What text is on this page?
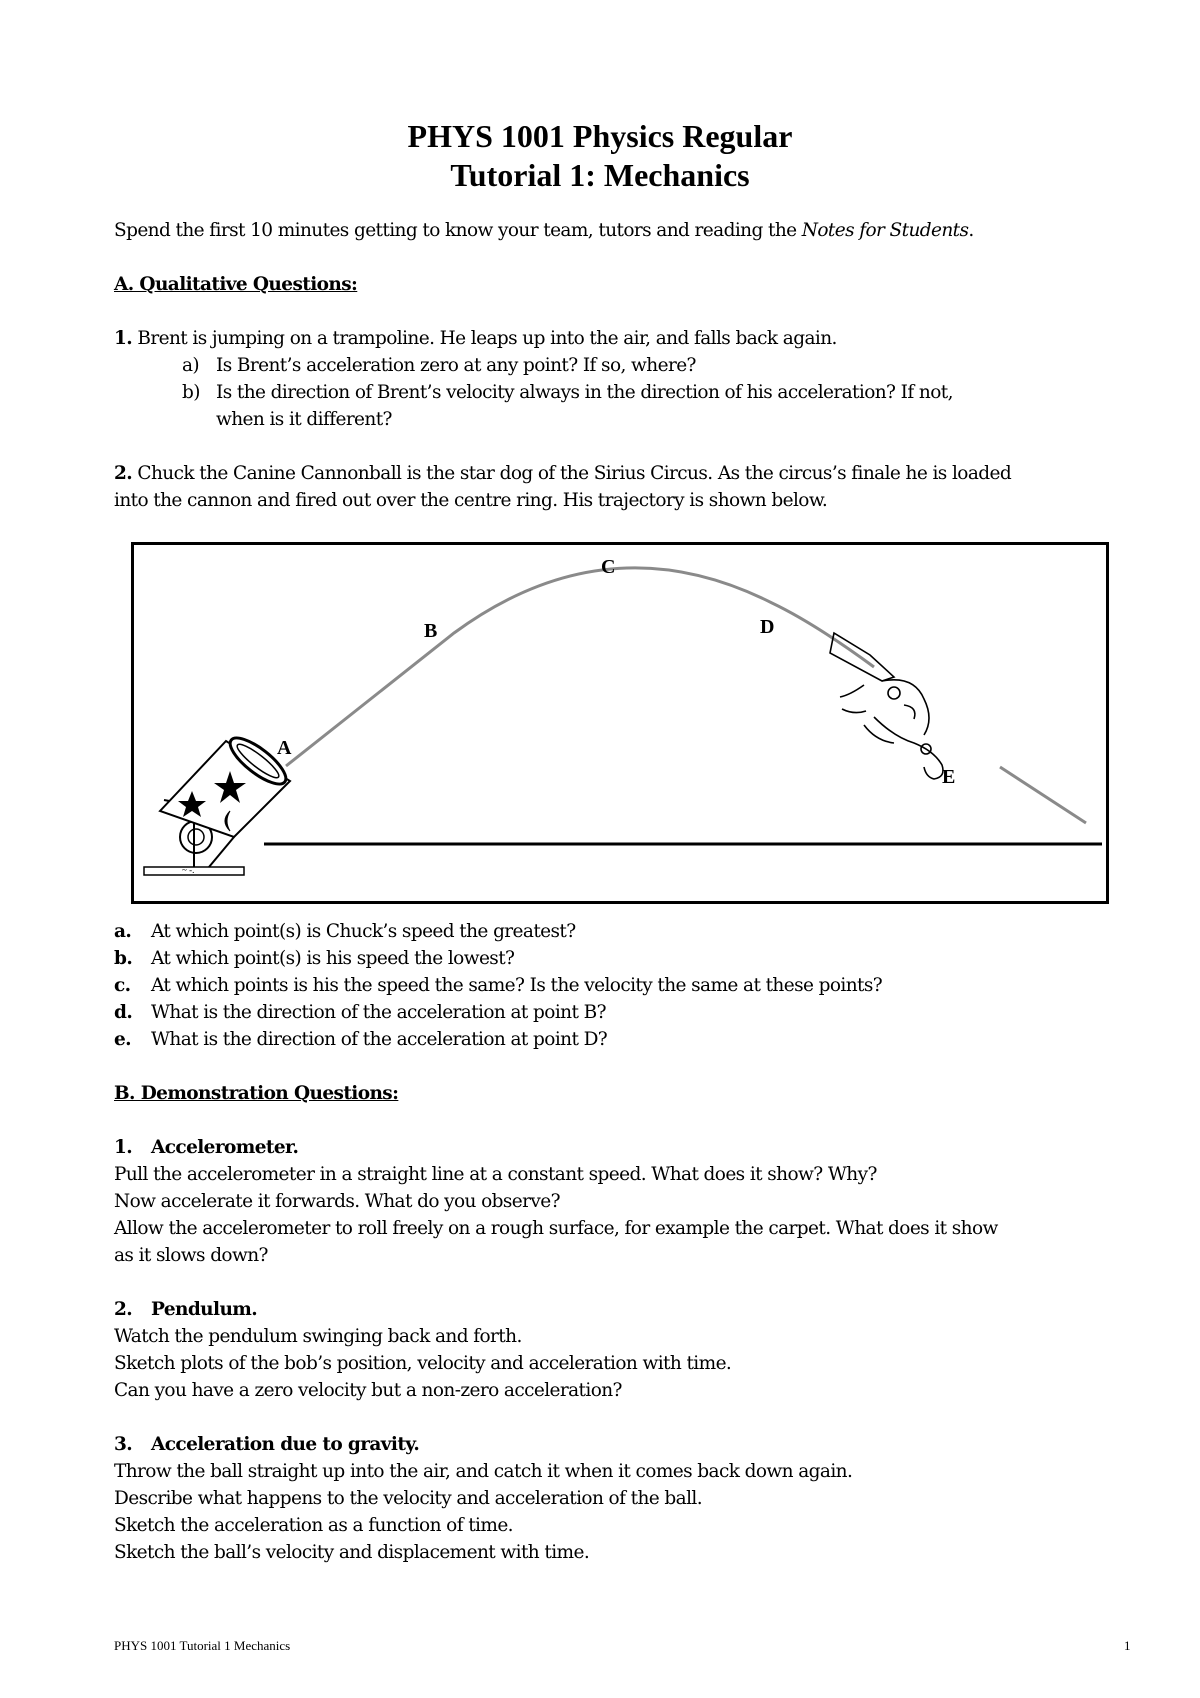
PHYS 1001 Physics Regular
Tutorial 1: Mechanics
Spend the first 10 minutes getting to know your team, tutors and reading the Notes for Students.
A. Qualitative Questions:
1. Brent is jumping on a trampoline. He leaps up into the air, and falls back again.
a) Is Brent’s acceleration zero at any point? If so, where?
b) Is the direction of Brent’s velocity always in the direction of his acceleration? If not,
when is it different?
2. Chuck the Canine Cannonball is the star dog of the Sirius Circus. As the circus’s finale he is loaded
into the cannon and fired out over the centre ring. His trajectory is shown below.
~ -.
A
B
C
D
E
a. At which point(s) is Chuck’s speed the greatest?
b. At which point(s) is his speed the lowest?
c. At which points is his the speed the same? Is the velocity the same at these points?
d. What is the direction of the acceleration at point B?
e. What is the direction of the acceleration at point D?
B. Demonstration Questions:
1. Accelerometer.
Pull the accelerometer in a straight line at a constant speed. What does it show? Why?
Now accelerate it forwards. What do you observe?
Allow the accelerometer to roll freely on a rough surface, for example the carpet. What does it show
as it slows down?
2. Pendulum.
Watch the pendulum swinging back and forth.
Sketch plots of the bob’s position, velocity and acceleration with time.
Can you have a zero velocity but a non-zero acceleration?
3. Acceleration due to gravity.
Throw the ball straight up into the air, and catch it when it comes back down again.
Describe what happens to the velocity and acceleration of the ball.
Sketch the acceleration as a function of time.
Sketch the ball’s velocity and displacement with time.
PHYS 1001 Tutorial 1 Mechanics	1
